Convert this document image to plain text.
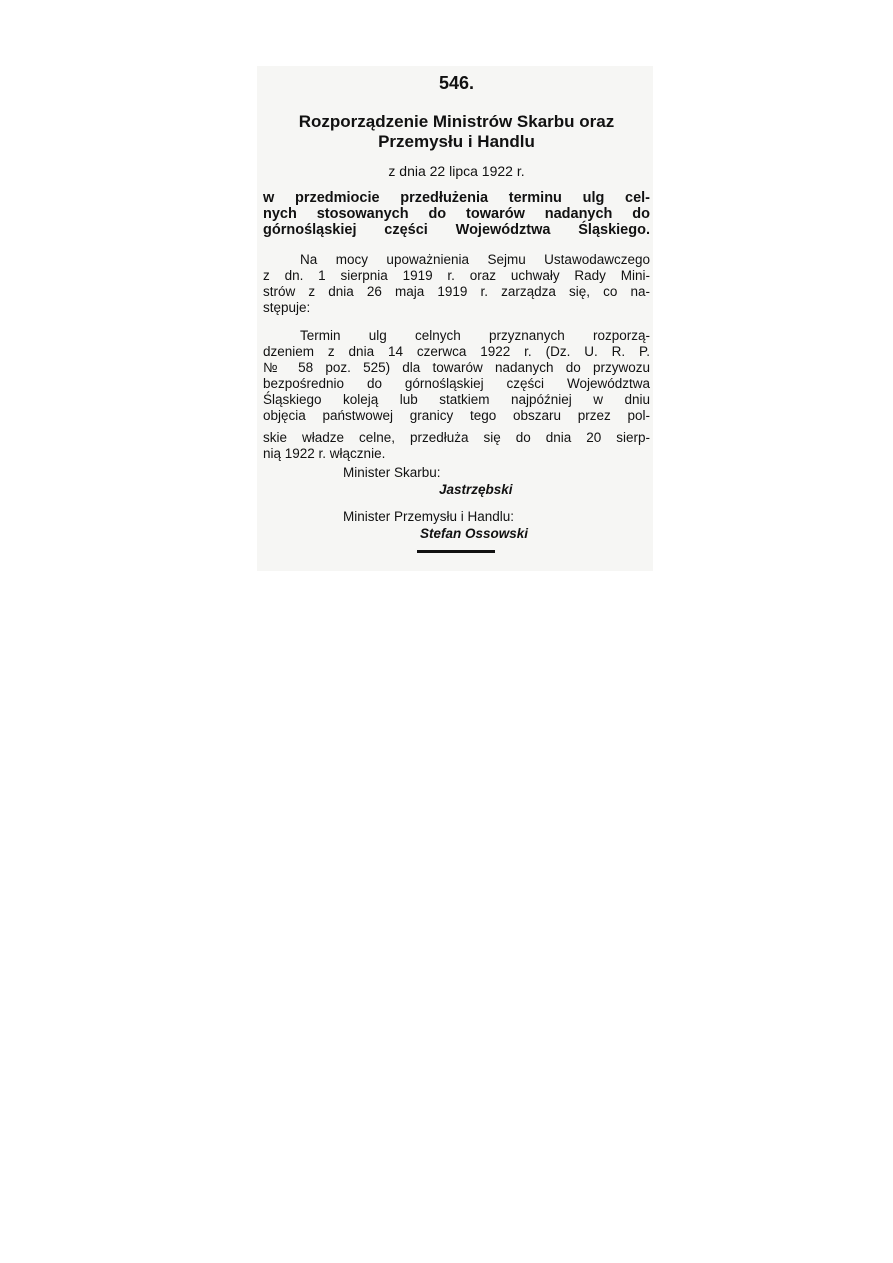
546.

Rozporządzenie Ministrów Skarbu oraz
Przemysłu i Handlu

z dnia 22 lipca 1922 r.

w przedmiocie przedłużenia terminu ulg cel-
nych stosowanych do towarów nadanych do
górnośląskiej części Województwa Śląskiego.
Na mocy upoważnienia Sejmu Ustawodawczego
z dn. 1 sierpnia 1919 r. oraz uchwały Rady Mini-
strów z dnia 26 maja 1919 r. zarządza się, co na-
stępuje:
Termin ulg celnych przyznanych rozporzą-
dzeniem z dnia 14 czerwca 1922 r. (Dz. U. R. P.
№ 58 poz. 525) dla towarów nadanych do przywozu
bezpośrednio do górnośląskiej części Województwa
Śląskiego koleją lub statkiem najpóźniej w dniu
objęcia państwowej granicy tego obszaru przez pol-
skie władze celne, przedłuża się do dnia 20 sierp-
nią 1922 r. włącznie.

Minister Skarbu:

Jastrzębski

Minister Przemysłu i Handlu:

Stefan Ossowski
